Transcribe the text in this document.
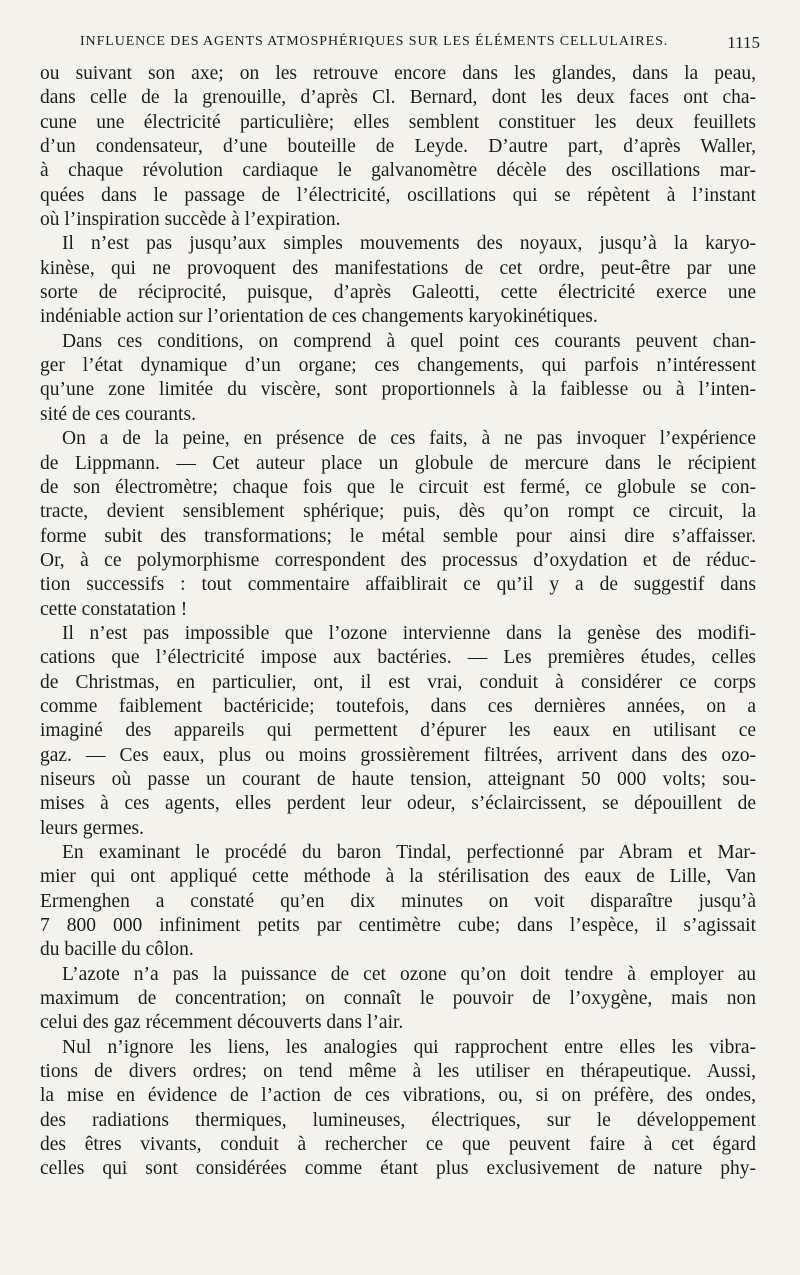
INFLUENCE DES AGENTS ATMOSPHÉRIQUES SUR LES ÉLÉMENTS CELLULAIRES.	1115
ou suivant son axe; on les retrouve encore dans les glandes, dans la peau,
dans celle de la grenouille, d’après Cl. Bernard, dont les deux faces ont cha-
cune une électricité particulière; elles semblent constituer les deux feuillets
d’un condensateur, d’une bouteille de Leyde. D’autre part, d’après Waller,
à chaque révolution cardiaque le galvanomètre décèle des oscillations mar-
quées dans le passage de l’électricité, oscillations qui se répètent à l’instant
où l’inspiration succède à l’expiration.
Il n’est pas jusqu’aux simples mouvements des noyaux, jusqu’à la karyo-
kinèse, qui ne provoquent des manifestations de cet ordre, peut-être par une
sorte de réciprocité, puisque, d’après Galeotti, cette électricité exerce une
indéniable action sur l’orientation de ces changements karyokinétiques.
Dans ces conditions, on comprend à quel point ces courants peuvent chan-
ger l’état dynamique d’un organe; ces changements, qui parfois n’intéressent
qu’une zone limitée du viscère, sont proportionnels à la faiblesse ou à l’inten-
sité de ces courants.
On a de la peine, en présence de ces faits, à ne pas invoquer l’expérience
de Lippmann. — Cet auteur place un globule de mercure dans le récipient
de son électromètre; chaque fois que le circuit est fermé, ce globule se con-
tracte, devient sensiblement sphérique; puis, dès qu’on rompt ce circuit, la
forme subit des transformations; le métal semble pour ainsi dire s’affaisser.
Or, à ce polymorphisme correspondent des processus d’oxydation et de réduc-
tion successifs : tout commentaire affaiblirait ce qu’il y a de suggestif dans
cette constatation !
Il n’est pas impossible que l’ozone intervienne dans la genèse des modifi-
cations que l’électricité impose aux bactéries. — Les premières études, celles
de Christmas, en particulier, ont, il est vrai, conduit à considérer ce corps
comme faiblement bactéricide; toutefois, dans ces dernières années, on a
imaginé des appareils qui permettent d’épurer les eaux en utilisant ce
gaz. — Ces eaux, plus ou moins grossièrement filtrées, arrivent dans des ozo-
niseurs où passe un courant de haute tension, atteignant 50 000 volts; sou-
mises à ces agents, elles perdent leur odeur, s’éclaircissent, se dépouillent de
leurs germes.
En examinant le procédé du baron Tindal, perfectionné par Abram et Mar-
mier qui ont appliqué cette méthode à la stérilisation des eaux de Lille, Van
Ermenghen a constaté qu’en dix minutes on voit disparaître jusqu’à
7 800 000 infiniment petits par centimètre cube; dans l’espèce, il s’agissait
du bacille du côlon.
L’azote n’a pas la puissance de cet ozone qu’on doit tendre à employer au
maximum de concentration; on connaît le pouvoir de l’oxygène, mais non
celui des gaz récemment découverts dans l’air.
Nul n’ignore les liens, les analogies qui rapprochent entre elles les vibra-
tions de divers ordres; on tend même à les utiliser en thérapeutique. Aussi,
la mise en évidence de l’action de ces vibrations, ou, si on préfère, des ondes,
des radiations thermiques, lumineuses, électriques, sur le développement
des êtres vivants, conduit à rechercher ce que peuvent faire à cet égard
celles qui sont considérées comme étant plus exclusivement de nature phy-
